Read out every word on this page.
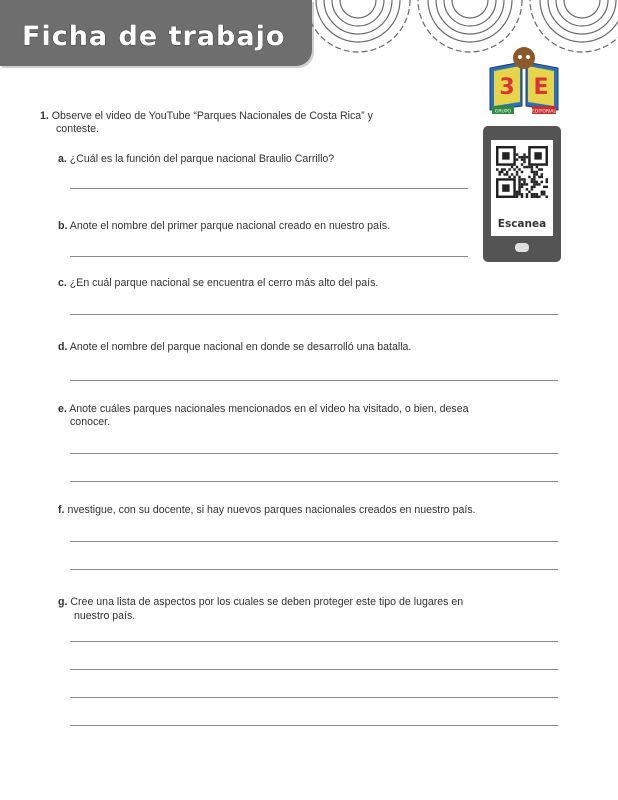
Ficha de trabajo
3 E
GRUPO	EDITORIAL
Escanea
1. Observe el video de YouTube “Parques Nacionales de Costa Rica” y
conteste.
a. ¿Cuál es la función del parque nacional Braulio Carrillo?
b. Anote el nombre del primer parque nacional creado en nuestro país.
c. ¿En cuál parque nacional se encuentra el cerro más alto del país.
d. Anote el nombre del parque nacional en donde se desarrolló una batalla.
e. Anote cuáles parques nacionales mencionados en el video ha visitado, o bien, desea
conocer.
f. nvestigue, con su docente, si hay nuevos parques nacionales creados en nuestro país.
g. Cree una lista de aspectos por los cuales se deben proteger este tipo de lugares en
nuestro país.
